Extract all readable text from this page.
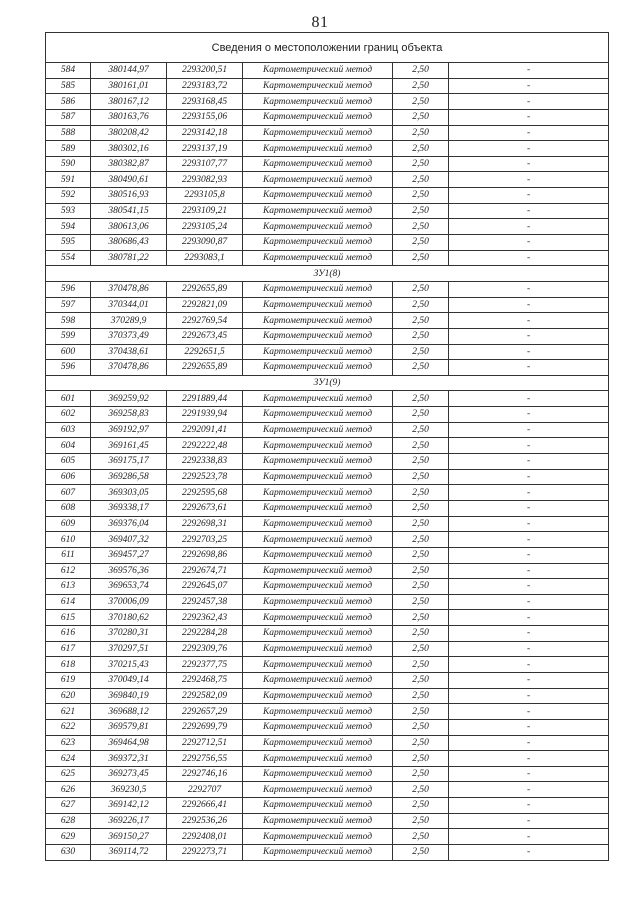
81
Сведения о местоположении границ объекта					
584	380144,97	2293200,51	Картометрический метод	2,50	-
585	380161,01	2293183,72	Картометрический метод	2,50	-
586	380167,12	2293168,45	Картометрический метод	2,50	-
587	380163,76	2293155,06	Картометрический метод	2,50	-
588	380208,42	2293142,18	Картометрический метод	2,50	-
589	380302,16	2293137,19	Картометрический метод	2,50	-
590	380382,87	2293107,77	Картометрический метод	2,50	-
591	380490,61	2293082,93	Картометрический метод	2,50	-
592	380516,93	2293105,8	Картометрический метод	2,50	-
593	380541,15	2293109,21	Картометрический метод	2,50	-
594	380613,06	2293105,24	Картометрический метод	2,50	-
595	380686,43	2293090,87	Картометрический метод	2,50	-
554	380781,22	2293083,1	Картометрический метод	2,50	-
ЗУ1(8)					
596	370478,86	2292655,89	Картометрический метод	2,50	-
597	370344,01	2292821,09	Картометрический метод	2,50	-
598	370289,9	2292769,54	Картометрический метод	2,50	-
599	370373,49	2292673,45	Картометрический метод	2,50	-
600	370438,61	2292651,5	Картометрический метод	2,50	-
596	370478,86	2292655,89	Картометрический метод	2,50	-
ЗУ1(9)					
601	369259,92	2291889,44	Картометрический метод	2,50	-
602	369258,83	2291939,94	Картометрический метод	2,50	-
603	369192,97	2292091,41	Картометрический метод	2,50	-
604	369161,45	2292222,48	Картометрический метод	2,50	-
605	369175,17	2292338,83	Картометрический метод	2,50	-
606	369286,58	2292523,78	Картометрический метод	2,50	-
607	369303,05	2292595,68	Картометрический метод	2,50	-
608	369338,17	2292673,61	Картометрический метод	2,50	-
609	369376,04	2292698,31	Картометрический метод	2,50	-
610	369407,32	2292703,25	Картометрический метод	2,50	-
611	369457,27	2292698,86	Картометрический метод	2,50	-
612	369576,36	2292674,71	Картометрический метод	2,50	-
613	369653,74	2292645,07	Картометрический метод	2,50	-
614	370006,09	2292457,38	Картометрический метод	2,50	-
615	370180,62	2292362,43	Картометрический метод	2,50	-
616	370280,31	2292284,28	Картометрический метод	2,50	-
617	370297,51	2292309,76	Картометрический метод	2,50	-
618	370215,43	2292377,75	Картометрический метод	2,50	-
619	370049,14	2292468,75	Картометрический метод	2,50	-
620	369840,19	2292582,09	Картометрический метод	2,50	-
621	369688,12	2292657,29	Картометрический метод	2,50	-
622	369579,81	2292699,79	Картометрический метод	2,50	-
623	369464,98	2292712,51	Картометрический метод	2,50	-
624	369372,31	2292756,55	Картометрический метод	2,50	-
625	369273,45	2292746,16	Картометрический метод	2,50	-
626	369230,5	2292707	Картометрический метод	2,50	-
627	369142,12	2292666,41	Картометрический метод	2,50	-
628	369226,17	2292536,26	Картометрический метод	2,50	-
629	369150,27	2292408,01	Картометрический метод	2,50	-
630	369114,72	2292273,71	Картометрический метод	2,50	-
